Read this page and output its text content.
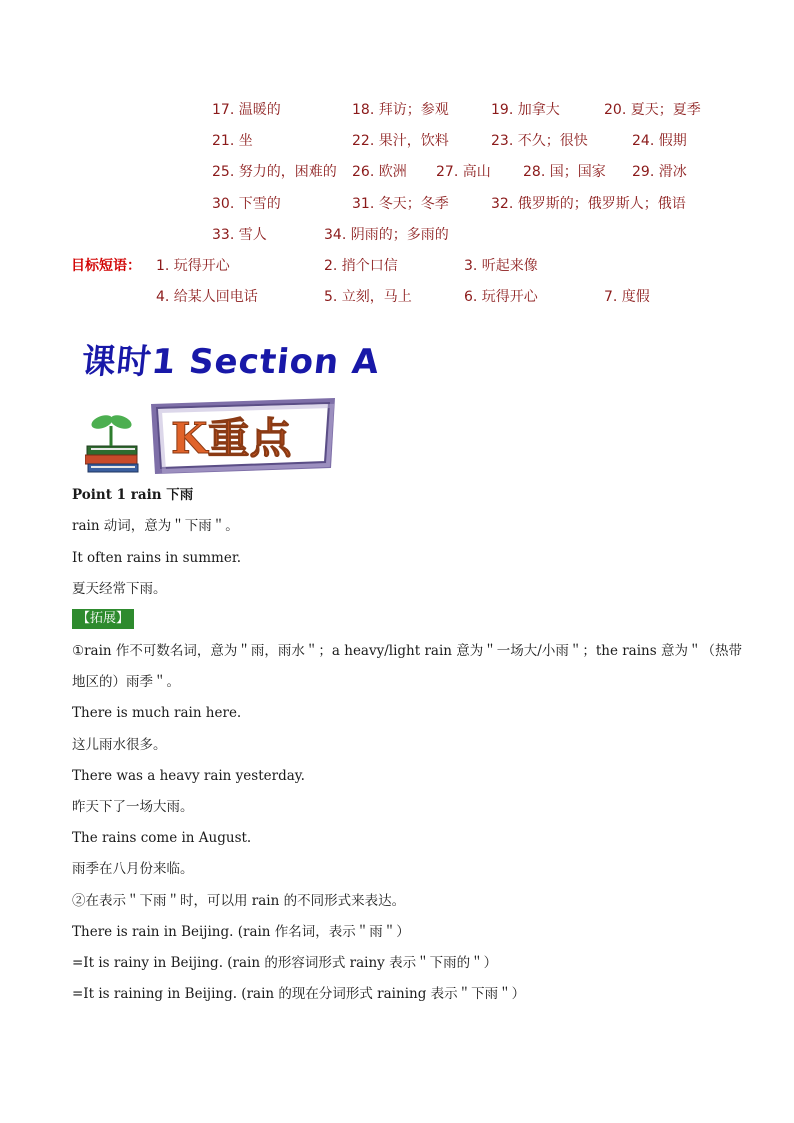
17. 温暖的	18. 拜访；参观	19. 加拿大	20. 夏天；夏季
21. 坐	22. 果汁，饮料	23. 不久；很快	24. 假期
25. 努力的，困难的 26. 欧洲 27. 高山 28. 国；国家 29. 滑冰
30. 下雪的	31. 冬天；冬季	32. 俄罗斯的；俄罗斯人；俄语
33. 雪人	34. 阴雨的；多雨的
目标短语： 1. 玩得开心	2. 捎个口信	3. 听起来像
4. 给某人回电话	5. 立刻，马上	6. 玩得开心	7. 度假
课时1 Section A
K重点
Point 1 rain 下雨
rain 动词，意为＂下雨＂。
It often rains in summer.
夏天经常下雨。
【拓展】
①rain 作不可数名词，意为＂雨，雨水＂；a heavy/light rain 意为＂一场大/小雨＂；the rains 意为＂（热带
地区的）雨季＂。
There is much rain here.
这儿雨水很多。
There was a heavy rain yesterday.
昨天下了一场大雨。
The rains come in August.
雨季在八月份来临。
②在表示＂下雨＂时，可以用 rain 的不同形式来表达。
There is rain in Beijing. (rain 作名词，表示＂雨＂）
=It is rainy in Beijing. (rain 的形容词形式 rainy 表示＂下雨的＂）
=It is raining in Beijing. (rain 的现在分词形式 raining 表示＂下雨＂）
